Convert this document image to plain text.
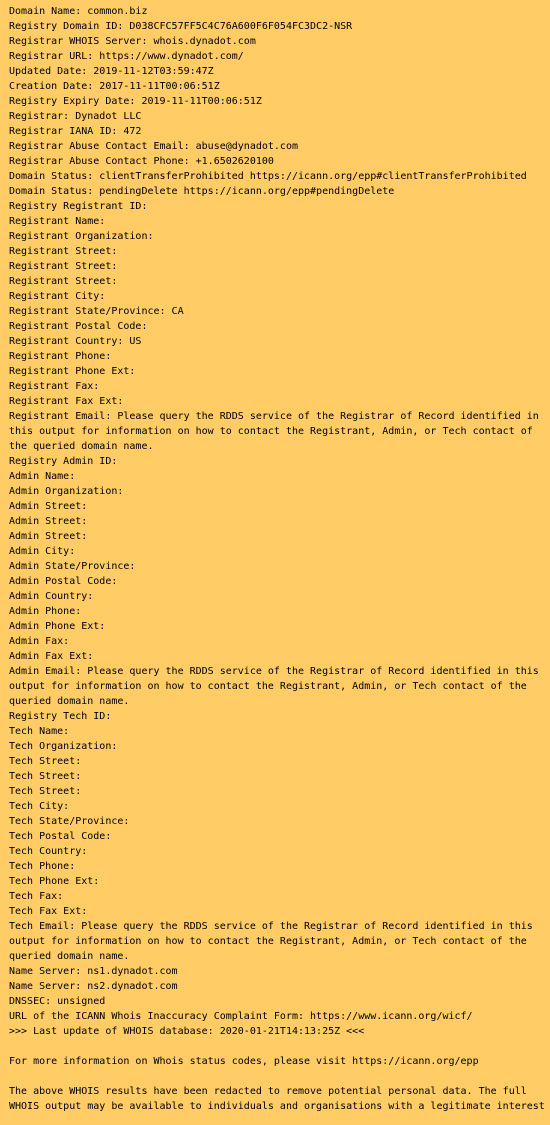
Domain Name: common.biz
Registry Domain ID: D038CFC57FF5C4C76A600F6F054FC3DC2-NSR
Registrar WHOIS Server: whois.dynadot.com
Registrar URL: https://www.dynadot.com/
Updated Date: 2019-11-12T03:59:47Z
Creation Date: 2017-11-11T00:06:51Z
Registry Expiry Date: 2019-11-11T00:06:51Z
Registrar: Dynadot LLC
Registrar IANA ID: 472
Registrar Abuse Contact Email: abuse@dynadot.com
Registrar Abuse Contact Phone: +1.6502620100
Domain Status: clientTransferProhibited https://icann.org/epp#clientTransferProhibited
Domain Status: pendingDelete https://icann.org/epp#pendingDelete
Registry Registrant ID:
Registrant Name:
Registrant Organization:
Registrant Street:
Registrant Street:
Registrant Street:
Registrant City:
Registrant State/Province: CA
Registrant Postal Code:
Registrant Country: US
Registrant Phone:
Registrant Phone Ext:
Registrant Fax:
Registrant Fax Ext:
Registrant Email: Please query the RDDS service of the Registrar of Record identified in this output for information on how to contact the Registrant, Admin, or Tech contact of the queried domain name.
Registry Admin ID:
Admin Name:
Admin Organization:
Admin Street:
Admin Street:
Admin Street:
Admin City:
Admin State/Province:
Admin Postal Code:
Admin Country:
Admin Phone:
Admin Phone Ext:
Admin Fax:
Admin Fax Ext:
Admin Email: Please query the RDDS service of the Registrar of Record identified in this output for information on how to contact the Registrant, Admin, or Tech contact of the queried domain name.
Registry Tech ID:
Tech Name:
Tech Organization:
Tech Street:
Tech Street:
Tech Street:
Tech City:
Tech State/Province:
Tech Postal Code:
Tech Country:
Tech Phone:
Tech Phone Ext:
Tech Fax:
Tech Fax Ext:
Tech Email: Please query the RDDS service of the Registrar of Record identified in this output for information on how to contact the Registrant, Admin, or Tech contact of the queried domain name.
Name Server: ns1.dynadot.com
Name Server: ns2.dynadot.com
DNSSEC: unsigned
URL of the ICANN Whois Inaccuracy Complaint Form: https://www.icann.org/wicf/
>>> Last update of WHOIS database: 2020-01-21T14:13:25Z <<<
For more information on Whois status codes, please visit https://icann.org/epp
The above WHOIS results have been redacted to remove potential personal data. The full WHOIS output may be available to individuals and organisations with a legitimate interest
